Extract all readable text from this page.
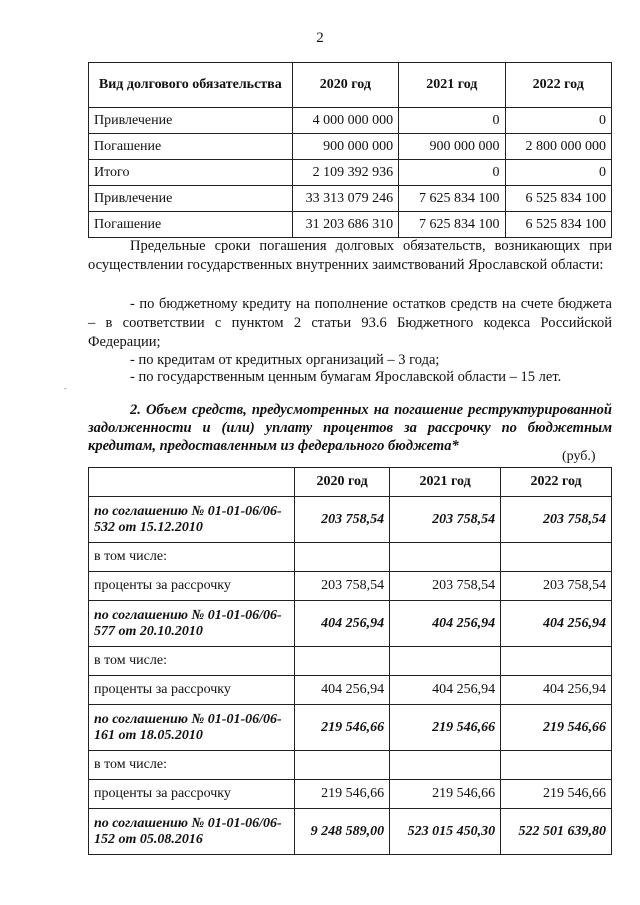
2
Вид долгового обязательства	2020 год	2021 год	2022 год
Привлечение	4 000 000 000	0	0
Погашение	900 000 000	900 000 000	2 800 000 000
Итого	2 109 392 936	0	0
Привлечение	33 313 079 246	7 625 834 100	6 525 834 100
Погашение	31 203 686 310	7 625 834 100	6 525 834 100
Предельные сроки погашения долговых обязательств, возникающих при осуществлении государственных внутренних заимствований Ярославской области:
- по бюджетному кредиту на пополнение остатков средств на счете бюджета – в соответствии с пунктом 2 статьи 93.6 Бюджетного кодекса Российской Федерации;
- по кредитам от кредитных организаций – 3 года;
- по государственным ценным бумагам Ярославской области – 15 лет.
-
2. Объем средств, предусмотренных на погашение реструктурированной задолженности и (или) уплату процентов за рассрочку по бюджетным кредитам, предоставленным из федерального бюджета*
(руб.)
	2020 год	2021 год	2022 год
по соглашению № 01-01-06/06-532 от 15.12.2010	203 758,54	203 758,54	203 758,54
в том числе:			
проценты за рассрочку	203 758,54	203 758,54	203 758,54
по соглашению № 01-01-06/06-577 от 20.10.2010	404 256,94	404 256,94	404 256,94
в том числе:			
проценты за рассрочку	404 256,94	404 256,94	404 256,94
по соглашению № 01-01-06/06-161 от 18.05.2010	219 546,66	219 546,66	219 546,66
в том числе:			
проценты за рассрочку	219 546,66	219 546,66	219 546,66
по соглашению № 01-01-06/06-152 от 05.08.2016	9 248 589,00	523 015 450,30	522 501 639,80
